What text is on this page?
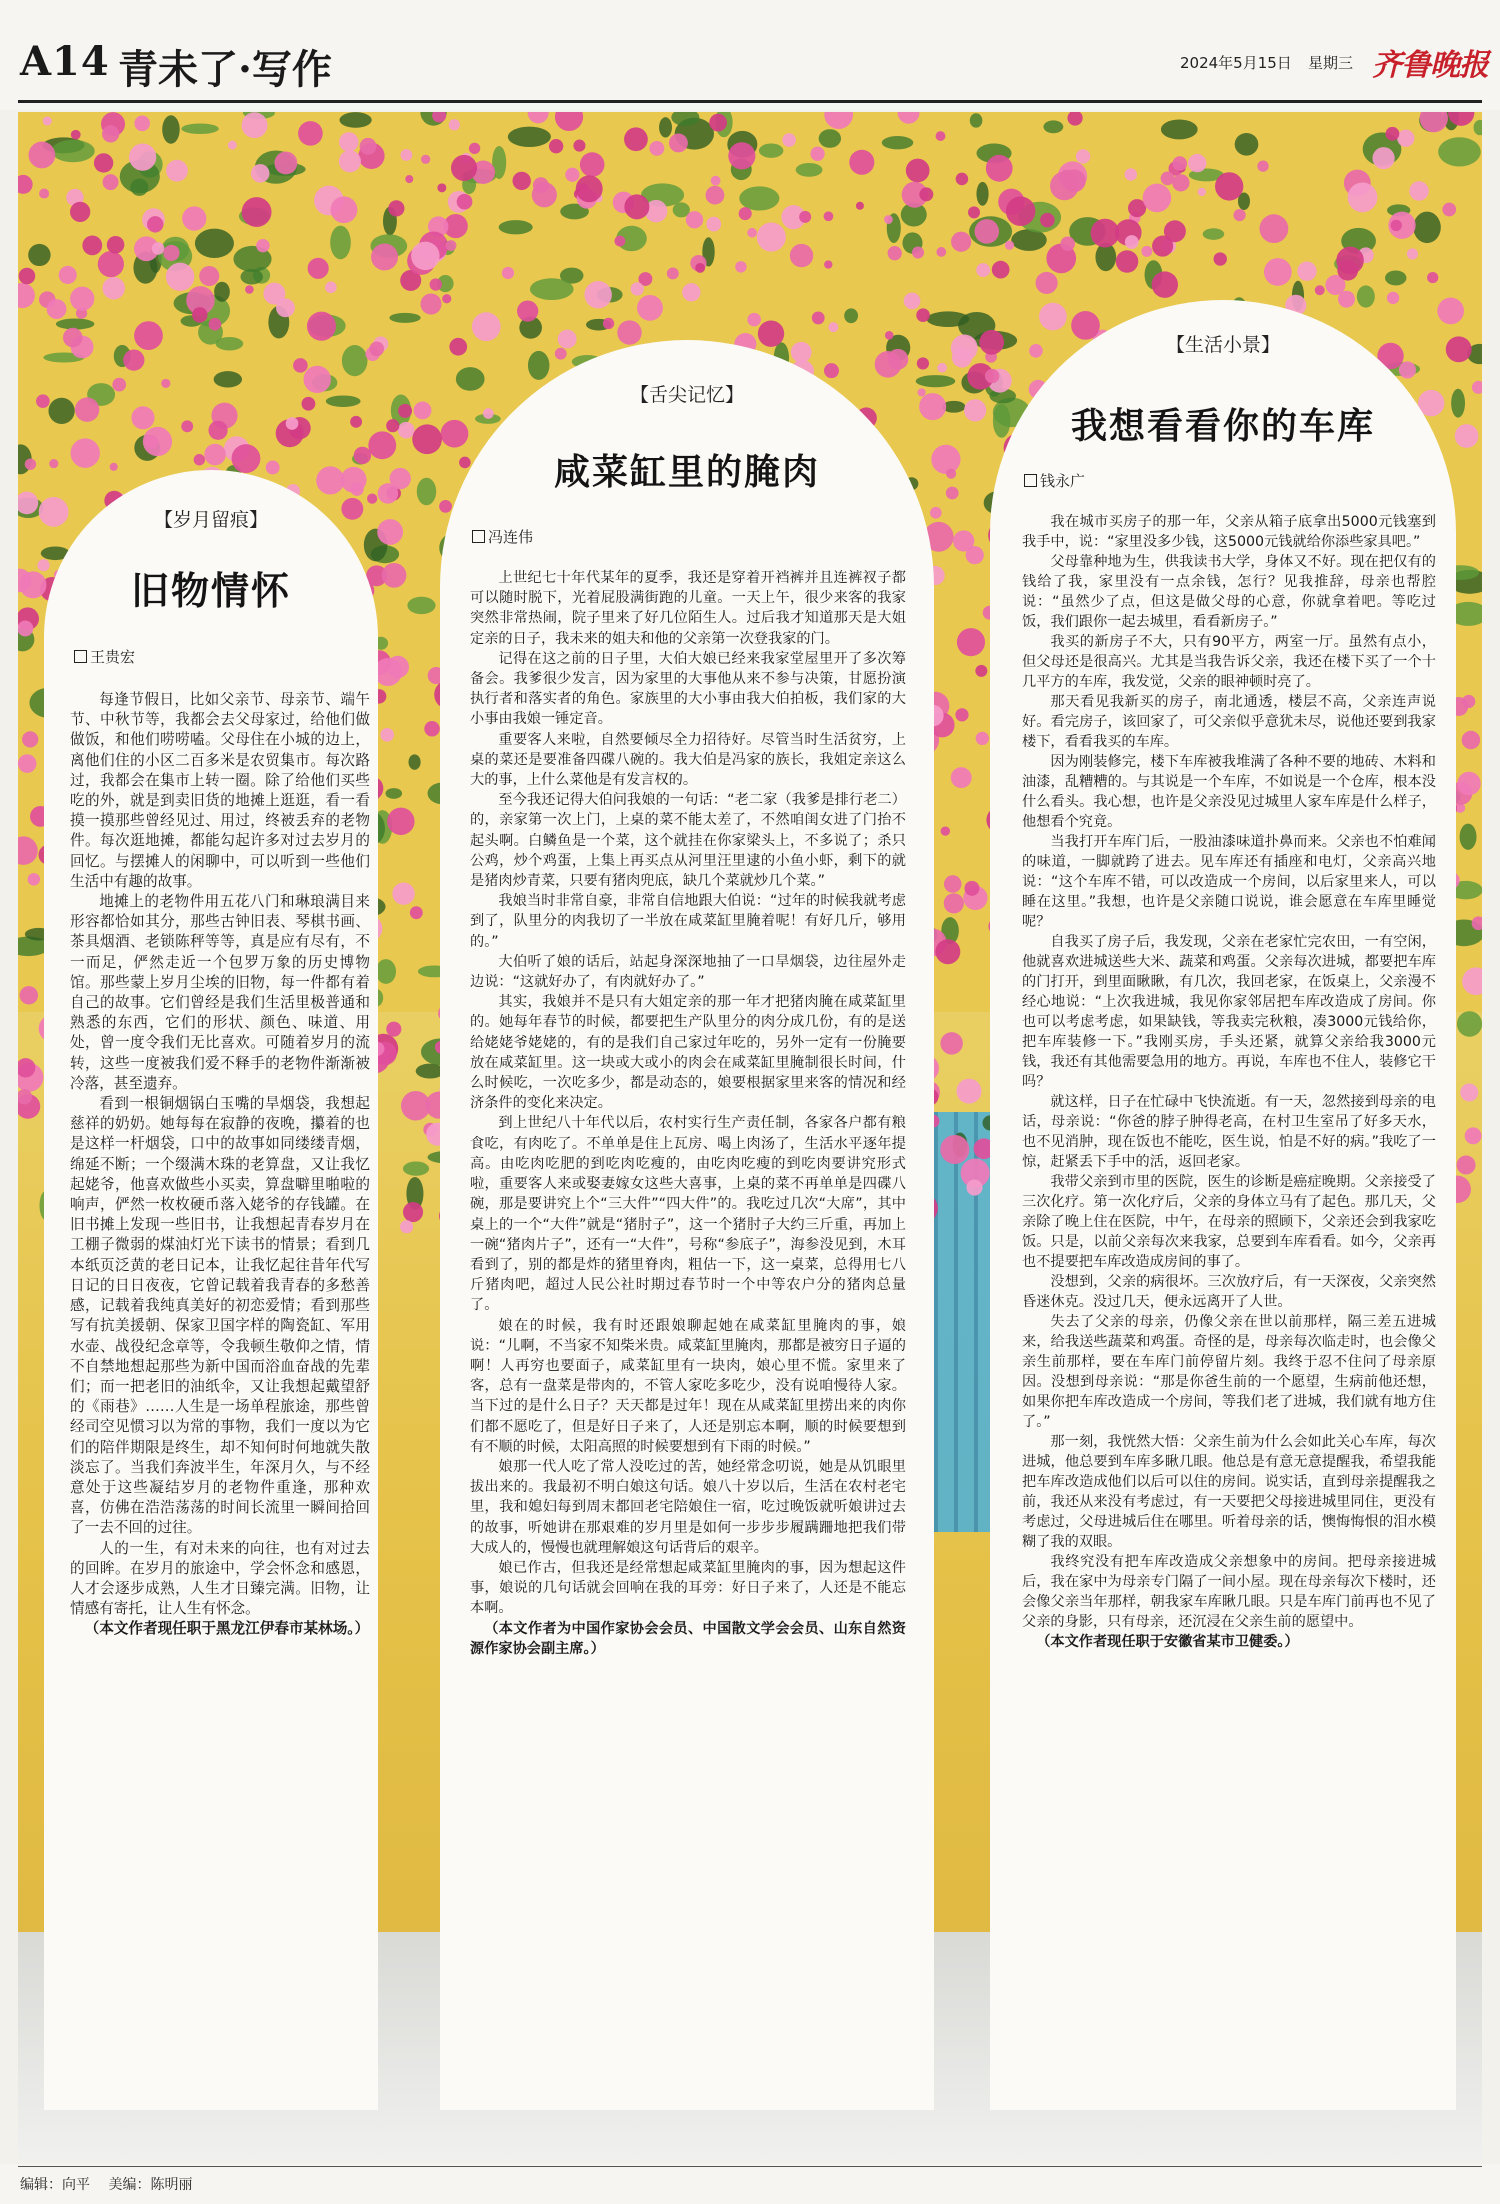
A14 青未了·写作	2024年5月15日 星期三 齐鲁晚报
【岁月留痕】
旧物情怀
王贵宏

每逢节假日，比如父亲节、母亲节、端午节、中秋节等，我都会去父母家过，给他们做做饭，和他们唠唠嗑。父母住在小城的边上，离他们住的小区二百多米是农贸集市。每次路过，我都会在集市上转一圈。除了给他们买些吃的外，就是到卖旧货的地摊上逛逛，看一看摸一摸那些曾经见过、用过，终被丢弃的老物件。每次逛地摊，都能勾起许多对过去岁月的回忆。与摆摊人的闲聊中，可以听到一些他们生活中有趣的故事。

地摊上的老物件用五花八门和琳琅满目来形容都恰如其分，那些古钟旧表、琴棋书画、茶具烟酒、老锁陈秤等等，真是应有尽有，不一而足，俨然走近一个包罗万象的历史博物馆。那些蒙上岁月尘埃的旧物，每一件都有着自己的故事。它们曾经是我们生活里极普通和熟悉的东西，它们的形状、颜色、味道、用处，曾一度令我们无比喜欢。可随着岁月的流转，这些一度被我们爱不释手的老物件渐渐被冷落，甚至遗弃。

看到一根铜烟锅白玉嘴的旱烟袋，我想起慈祥的奶奶。她每每在寂静的夜晚，攥着的也是这样一杆烟袋，口中的故事如同缕缕青烟，绵延不断；一个缀满木珠的老算盘，又让我忆起姥爷，他喜欢做些小买卖，算盘噼里啪啦的响声，俨然一枚枚硬币落入姥爷的存钱罐。在旧书摊上发现一些旧书，让我想起青春岁月在工棚子微弱的煤油灯光下读书的情景；看到几本纸页泛黄的老日记本，让我忆起往昔年代写日记的日日夜夜，它曾记载着我青春的多愁善感，记载着我纯真美好的初恋爱情；看到那些写有抗美援朝、保家卫国字样的陶瓷缸、军用水壶、战役纪念章等，令我顿生敬仰之情，情不自禁地想起那些为新中国而浴血奋战的先辈们；而一把老旧的油纸伞，又让我想起戴望舒的《雨巷》……人生是一场单程旅途，那些曾经司空见惯习以为常的事物，我们一度以为它们的陪伴期限是终生，却不知何时何地就失散淡忘了。当我们奔波半生，年深月久，与不经意处于这些凝结岁月的老物件重逢，那种欢喜，仿佛在浩浩荡荡的时间长流里一瞬间拾回了一去不回的过往。

人的一生，有对未来的向往，也有对过去的回眸。在岁月的旅途中，学会怀念和感恩，人才会逐步成熟，人生才日臻完满。旧物，让情感有寄托，让人生有怀念。

（本文作者现任职于黑龙江伊春市某林场。）

【舌尖记忆】
咸菜缸里的腌肉
冯连伟

上世纪七十年代某年的夏季，我还是穿着开裆裤并且连裤衩子都可以随时脱下，光着屁股满街跑的儿童。一天上午，很少来客的我家突然非常热闹，院子里来了好几位陌生人。过后我才知道那天是大姐定亲的日子，我未来的姐夫和他的父亲第一次登我家的门。

记得在这之前的日子里，大伯大娘已经来我家堂屋里开了多次筹备会。我爹很少发言，因为家里的大事他从来不参与决策，甘愿扮演执行者和落实者的角色。家族里的大小事由我大伯拍板，我们家的大小事由我娘一锤定音。

重要客人来啦，自然要倾尽全力招待好。尽管当时生活贫穷，上桌的菜还是要准备四碟八碗的。我大伯是冯家的族长，我姐定亲这么大的事，上什么菜他是有发言权的。

至今我还记得大伯问我娘的一句话：“老二家（我爹是排行老二）的，亲家第一次上门，上桌的菜不能太差了，不然咱闺女进了门抬不起头啊。白鳞鱼是一个菜，这个就挂在你家梁头上，不多说了；杀只公鸡，炒个鸡蛋，上集上再买点从河里汪里逮的小鱼小虾，剩下的就是猪肉炒青菜，只要有猪肉兜底，缺几个菜就炒几个菜。”

我娘当时非常自豪，非常自信地跟大伯说：“过年的时候我就考虑到了，队里分的肉我切了一半放在咸菜缸里腌着呢！有好几斤，够用的。”

大伯听了娘的话后，站起身深深地抽了一口旱烟袋，边往屋外走边说：“这就好办了，有肉就好办了。”

其实，我娘并不是只有大姐定亲的那一年才把猪肉腌在咸菜缸里的。她每年春节的时候，都要把生产队里分的肉分成几份，有的是送给姥姥爷姥姥的，有的是我们自己家过年吃的，另外一定有一份腌要放在咸菜缸里。这一块或大或小的肉会在咸菜缸里腌制很长时间，什么时候吃，一次吃多少，都是动态的，娘要根据家里来客的情况和经济条件的变化来决定。

到上世纪八十年代以后，农村实行生产责任制，各家各户都有粮食吃，有肉吃了。不单单是住上瓦房、喝上肉汤了，生活水平逐年提高。由吃肉吃肥的到吃肉吃瘦的，由吃肉吃瘦的到吃肉要讲究形式啦，重要客人来或娶妻嫁女这些大喜事，上桌的菜不再单单是四碟八碗，那是要讲究上个“三大件”“四大件”的。我吃过几次“大席”，其中桌上的一个“大件”就是“猪肘子”，这一个猪肘子大约三斤重，再加上一碗“猪肉片子”，还有一“大件”，号称“参底子”，海参没见到，木耳看到了，别的都是炸的猪里脊肉，粗估一下，这一桌菜，总得用七八斤猪肉吧，超过人民公社时期过春节时一个中等农户分的猪肉总量了。

娘在的时候，我有时还跟娘聊起她在咸菜缸里腌肉的事，娘说：“儿啊，不当家不知柴米贵。咸菜缸里腌肉，那都是被穷日子逼的啊！人再穷也要面子，咸菜缸里有一块肉，娘心里不慌。家里来了客，总有一盘菜是带肉的，不管人家吃多吃少，没有说咱慢待人家。当下过的是什么日子？天天都是过年！现在从咸菜缸里捞出来的肉你们都不愿吃了，但是好日子来了，人还是别忘本啊，顺的时候要想到有不顺的时候，太阳高照的时候要想到有下雨的时候。”

娘那一代人吃了常人没吃过的苦，她经常念叨说，她是从饥眼里拔出来的。我最初不明白娘这句话。娘八十岁以后，生活在农村老宅里，我和媳妇每到周末都回老宅陪娘住一宿，吃过晚饭就听娘讲过去的故事，听她讲在那艰难的岁月里是如何一步步步履蹒跚地把我们带大成人的，慢慢也就理解娘这句话背后的艰辛。

娘已作古，但我还是经常想起咸菜缸里腌肉的事，因为想起这件事，娘说的几句话就会回响在我的耳旁：好日子来了，人还是不能忘本啊。

（本文作者为中国作家协会会员、中国散文学会会员、山东自然资源作家协会副主席。）

【生活小景】
我想看看你的车库
钱永广

我在城市买房子的那一年，父亲从箱子底拿出5000元钱塞到我手中，说：“家里没多少钱，这5000元钱就给你添些家具吧。”

父母靠种地为生，供我读书大学，身体又不好。现在把仅有的钱给了我，家里没有一点余钱，怎行？见我推辞，母亲也帮腔说：“虽然少了点，但这是做父母的心意，你就拿着吧。等吃过饭，我们跟你一起去城里，看看新房子。”

我买的新房子不大，只有90平方，两室一厅。虽然有点小，但父母还是很高兴。尤其是当我告诉父亲，我还在楼下买了一个十几平方的车库，我发觉，父亲的眼神顿时亮了。

那天看见我新买的房子，南北通透，楼层不高，父亲连声说好。看完房子，该回家了，可父亲似乎意犹未尽，说他还要到我家楼下，看看我买的车库。

因为刚装修完，楼下车库被我堆满了各种不要的地砖、木料和油漆，乱糟糟的。与其说是一个车库，不如说是一个仓库，根本没什么看头。我心想，也许是父亲没见过城里人家车库是什么样子，他想看个究竟。

当我打开车库门后，一股油漆味道扑鼻而来。父亲也不怕难闻的味道，一脚就跨了进去。见车库还有插座和电灯，父亲高兴地说：“这个车库不错，可以改造成一个房间，以后家里来人，可以睡在这里。”我想，也许是父亲随口说说，谁会愿意在车库里睡觉呢？

自我买了房子后，我发现，父亲在老家忙完农田，一有空闲，他就喜欢进城送些大米、蔬菜和鸡蛋。父亲每次进城，都要把车库的门打开，到里面瞅瞅，有几次，我回老家，在饭桌上，父亲漫不经心地说：“上次我进城，我见你家邻居把车库改造成了房间。你也可以考虑考虑，如果缺钱，等我卖完秋粮，凑3000元钱给你，把车库装修一下。”我刚买房，手头还紧，就算父亲给我3000元钱，我还有其他需要急用的地方。再说，车库也不住人，装修它干吗？

就这样，日子在忙碌中飞快流逝。有一天，忽然接到母亲的电话，母亲说：“你爸的脖子肿得老高，在村卫生室吊了好多天水，也不见消肿，现在饭也不能吃，医生说，怕是不好的病。”我吃了一惊，赶紧丢下手中的活，返回老家。

我带父亲到市里的医院，医生的诊断是癌症晚期。父亲接受了三次化疗。第一次化疗后，父亲的身体立马有了起色。那几天，父亲除了晚上住在医院，中午，在母亲的照顾下，父亲还会到我家吃饭。只是，以前父亲每次来我家，总要到车库看看。如今，父亲再也不提要把车库改造成房间的事了。

没想到，父亲的病很坏。三次放疗后，有一天深夜，父亲突然昏迷休克。没过几天，便永远离开了人世。

失去了父亲的母亲，仍像父亲在世以前那样，隔三差五进城来，给我送些蔬菜和鸡蛋。奇怪的是，母亲每次临走时，也会像父亲生前那样，要在车库门前停留片刻。我终于忍不住问了母亲原因。没想到母亲说：“那是你爸生前的一个愿望，生病前他还想，如果你把车库改造成一个房间，等我们老了进城，我们就有地方住了。”

那一刻，我恍然大悟：父亲生前为什么会如此关心车库，每次进城，他总要到车库多瞅几眼。他总是有意无意提醒我，希望我能把车库改造成他们以后可以住的房间。说实话，直到母亲提醒我之前，我还从来没有考虑过，有一天要把父母接进城里同住，更没有考虑过，父母进城后住在哪里。听着母亲的话，懊悔悔恨的泪水模糊了我的双眼。

我终究没有把车库改造成父亲想象中的房间。把母亲接进城后，我在家中为母亲专门隔了一间小屋。现在母亲每次下楼时，还会像父亲当年那样，朝我家车库瞅几眼。只是车库门前再也不见了父亲的身影，只有母亲，还沉浸在父亲生前的愿望中。

（本文作者现任职于安徽省某市卫健委。）

编辑：向平 美编：陈明丽
